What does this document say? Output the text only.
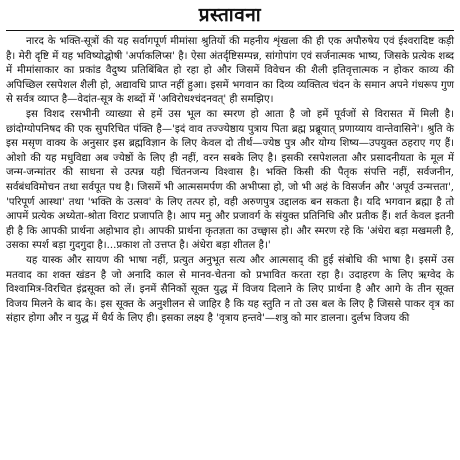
प्रस्तावना

नारद के भक्ति-सूत्रों की यह सर्वागपूर्ण मीमांसा श्रुतियों की महनीय शृंखला की ही एक अपौरुषेय एवं ईश्वरादिष्ट कड़ी है। मेरी दृष्टि में यह भविष्योद्घोषी 'अर्पाकलिप्स' है। ऐसा अंतर्दृष्टिसम्पन्न, सांगोपांग एवं सर्जनात्मक भाष्य, जिसके प्रत्येक शब्द में मीमांसाकार का प्रकांड वैदुष्य प्रतिबिंबित हो रहा हो और जिसमें विवेचन की शैली इतिवृत्तात्मक न होकर काव्य की अपिच्छिल रसपेशल शैली हो, अद्यावधि प्राप्त नहीं हुआ। इसमें भगवान का दिव्य व्यक्तित्व चंदन के समान अपने गंधरूप गुण से सर्वत्र व्याप्त है—वेदांत-सूत्र के शब्दों में 'अविरोधश्चंदनवत्' ही समझिए।

इस विशद रसभीनी व्याख्या से हमें उस भूल का स्मरण हो आता है जो हमें पूर्वजों से विरासत में मिली है। छांदोग्योपनिषद की एक सुपरिचित पंक्ति है—'इदं वाव तज्ज्येष्ठाय पुत्राय पिता ब्रह्म प्रब्रूयात् प्रणाय्याय वान्तेवासिने'। श्रुति के इस मसृण वाक्य के अनुसार इस ब्रह्मविज्ञान के लिए केवल दो तीर्थ—ज्येष्ठ पुत्र और योग्य शिष्य—उपयुक्त ठहराए गए हैं। ओशो की यह मधुविद्या अब ज्येष्ठों के लिए ही नहीं, वरन सबके लिए है। इसकी रसपेशलता और प्रसादनीयता के मूल में जन्म-जन्मांतर की साधना से उत्पन्न यही चिंतनजन्य विश्वास है। भक्ति किसी की पैतृक संपत्ति नहीं, सर्वजनीन, सर्वबंधविमोचन तथा सर्वपूत पथ है। जिसमें भी आत्मसमर्पण की अभीप्सा हो, जो भी अहं के विसर्जन और 'अपूर्व उन्मत्तता', 'परिपूर्ण आस्था' तथा 'भक्ति के उत्सव' के लिए तत्पर हो, वही अरुणपुत्र उद्दालक बन सकता है। यदि भगवान ब्रह्मा है तो आपमें प्रत्येक अध्येता-श्रोता विराट प्रजापति है। आप मनु और प्रजावर्ग के संयुक्त प्रतिनिधि और प्रतीक हैं। शर्त केवल इतनी ही है कि आपकी प्रार्थना अहोभाव हो। आपकी प्रार्थना कृतज्ञता का उच्छ्वास हो। और स्मरण रहे कि 'अंधेरा बड़ा मखमली है, उसका स्पर्श बड़ा गुदगुदा है।...प्रकाश तो उत्तप्त है। अंधेरा बड़ा शीतल है।'

यह यास्क और सायण की भाषा नहीं, प्रत्युत अनुभूत सत्य और आत्मसाद् की हुई संबोधि की भाषा है। इसमें उस मतवाद का शक्त खंडन है जो अनादि काल से मानव-चेतना को प्रभावित करता रहा है। उदाहरण के लिए ऋग्वेद के विश्वामित्र-विरचित इंद्रसूक्त को लें। इनमें सैनिकों सूक्त युद्ध में विजय दिलाने के लिए प्रार्थना है और आगे के तीन सूक्त विजय मिलने के बाद के। इस सूक्त के अनुशीलन से जाहिर है कि यह स्तुति न तो उस बल के लिए है जिससे पाकर वृत्र का संहार होगा और न युद्ध में धैर्य के लिए ही। इसका लक्ष्य है 'वृत्राय हन्तवे'—शत्रु को मार डालना। दुर्लभ विजय की
